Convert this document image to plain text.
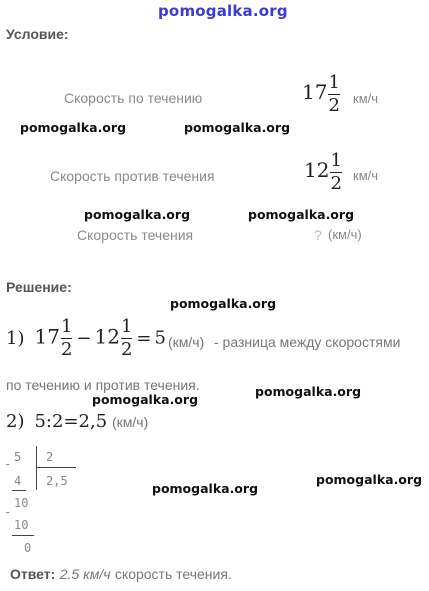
pomogalka.org
pomogalka.org	pomogalka.org
pomogalka.org	pomogalka.org
pomogalka.org
pomogalka.org
pomogalka.org
pomogalka.org
pomogalka.org
Условие:
Скорость по течению	$17 \frac{1}{2} км/ч$
Скорость против течения	$12 \frac{1}{2} км/ч$
Скорость течения	? (км/ч)
Решение:
1) $17 \frac{1}{2} - 12 \frac{1}{2} = 5$ (км/ч) - разница между скоростями
по течению и против течения.
2) 5:2=2,5 (км/ч)
- 5 2
4 2,5
-
10
10
0
Ответ: 2.5 км/ч скорость течения.
